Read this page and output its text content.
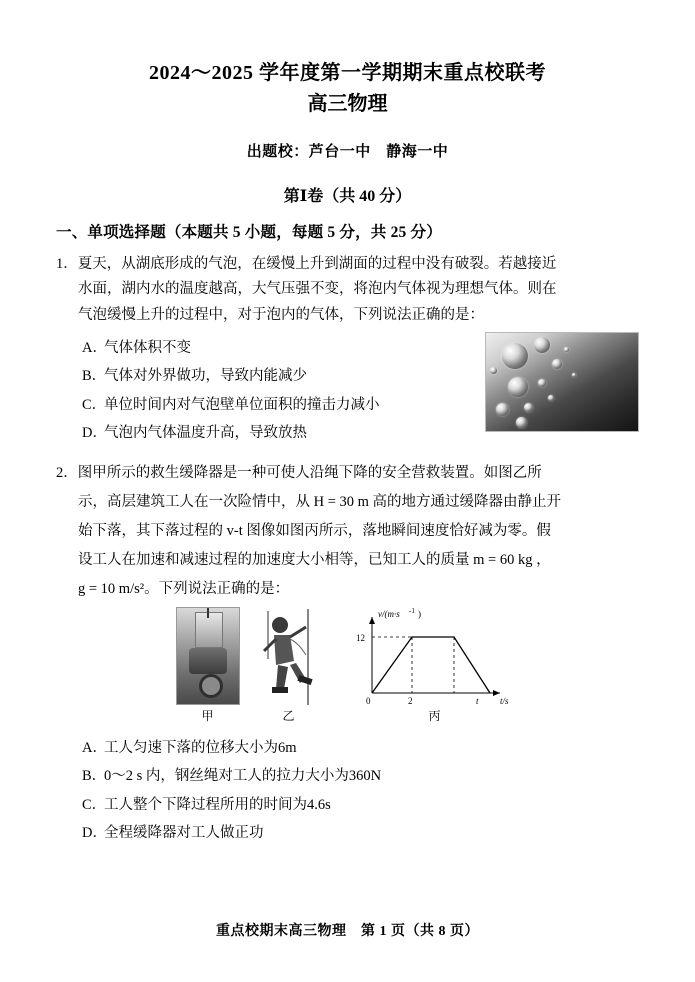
2024～2025 学年度第一学期期末重点校联考
高三物理
出题校：芦台一中　静海一中
第Ⅰ卷（共 40 分）
一、单项选择题（本题共 5 小题，每题 5 分，共 25 分）
1．夏天，从湖底形成的气泡，在缓慢上升到湖面的过程中没有破裂。若越接近
水面，湖内水的温度越高，大气压强不变，将泡内气体视为理想气体。则在
气泡缓慢上升的过程中，对于泡内的气体，下列说法正确的是：
A．气体体积不变
B．气体对外界做功，导致内能减少
C．单位时间内对气泡壁单位面积的撞击力减小
D．气泡内气体温度升高，导致放热
2．图甲所示的救生缓降器是一种可使人沿绳下降的安全营救装置。如图乙所
示，高层建筑工人在一次险情中，从 H = 30 m 高的地方通过缓降器由静止开
始下落，其下落过程的 v-t 图像如图丙所示，落地瞬间速度恰好减为零。假
设工人在加速和减速过程的加速度大小相等，已知工人的质量 m = 60 kg ，
g = 10 m/s²。下列说法正确的是：
甲	乙
v/(m·s -1 )
12
0	2	t t/s
丙
A．工人匀速下落的位移大小为6m
B．0～2 s 内，钢丝绳对工人的拉力大小为360N
C．工人整个下降过程所用的时间为4.6s
D．全程缓降器对工人做正功
重点校期末高三物理　第 1 页（共 8 页）
